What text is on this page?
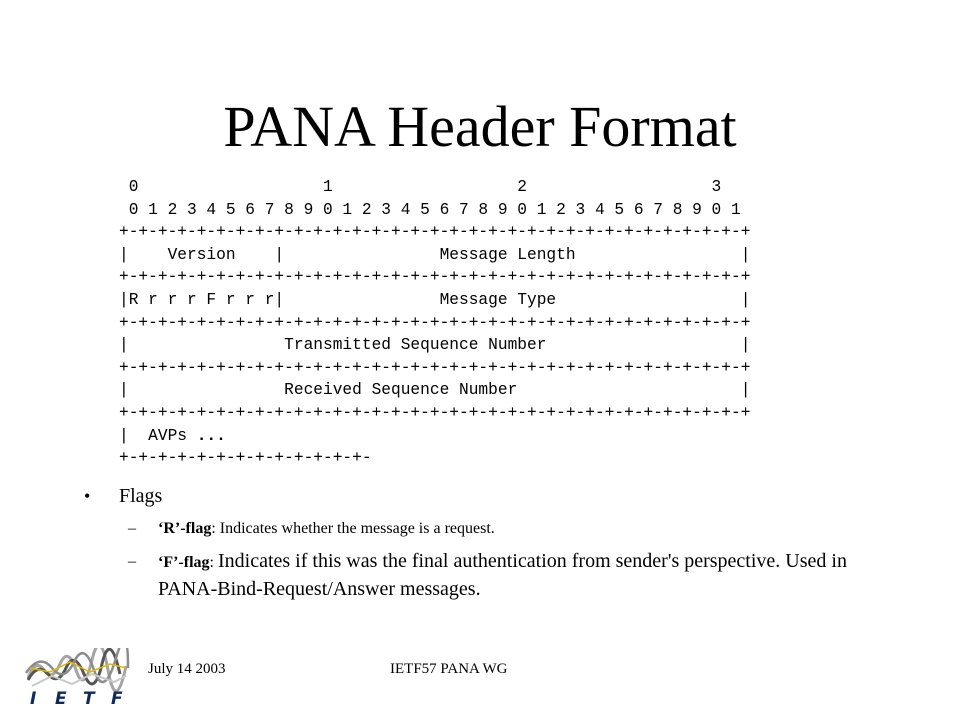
PANA Header Format
0                   1                   2                   3
0 1 2 3 4 5 6 7 8 9 0 1 2 3 4 5 6 7 8 9 0 1 2 3 4 5 6 7 8 9 0 1
+-+-+-+-+-+-+-+-+-+-+-+-+-+-+-+-+-+-+-+-+-+-+-+-+-+-+-+-+-+-+-+-+
|    Version    |                Message Length                 |
+-+-+-+-+-+-+-+-+-+-+-+-+-+-+-+-+-+-+-+-+-+-+-+-+-+-+-+-+-+-+-+-+
|R r r r F r r r|                Message Type                   |
+-+-+-+-+-+-+-+-+-+-+-+-+-+-+-+-+-+-+-+-+-+-+-+-+-+-+-+-+-+-+-+-+
|                Transmitted Sequence Number                    |
+-+-+-+-+-+-+-+-+-+-+-+-+-+-+-+-+-+-+-+-+-+-+-+-+-+-+-+-+-+-+-+-+
|                Received Sequence Number                       |
+-+-+-+-+-+-+-+-+-+-+-+-+-+-+-+-+-+-+-+-+-+-+-+-+-+-+-+-+-+-+-+-+
|  AVPs ...
+-+-+-+-+-+-+-+-+-+-+-+-+-
• Flags
– ‘R’-flag: Indicates whether the message is a request.
– ‘F’-flag: Indicates if this was the final authentication from sender's perspective. Used in PANA-Bind-Request/Answer messages.
I E T F
July 14 2003	IETF57 PANA WG
